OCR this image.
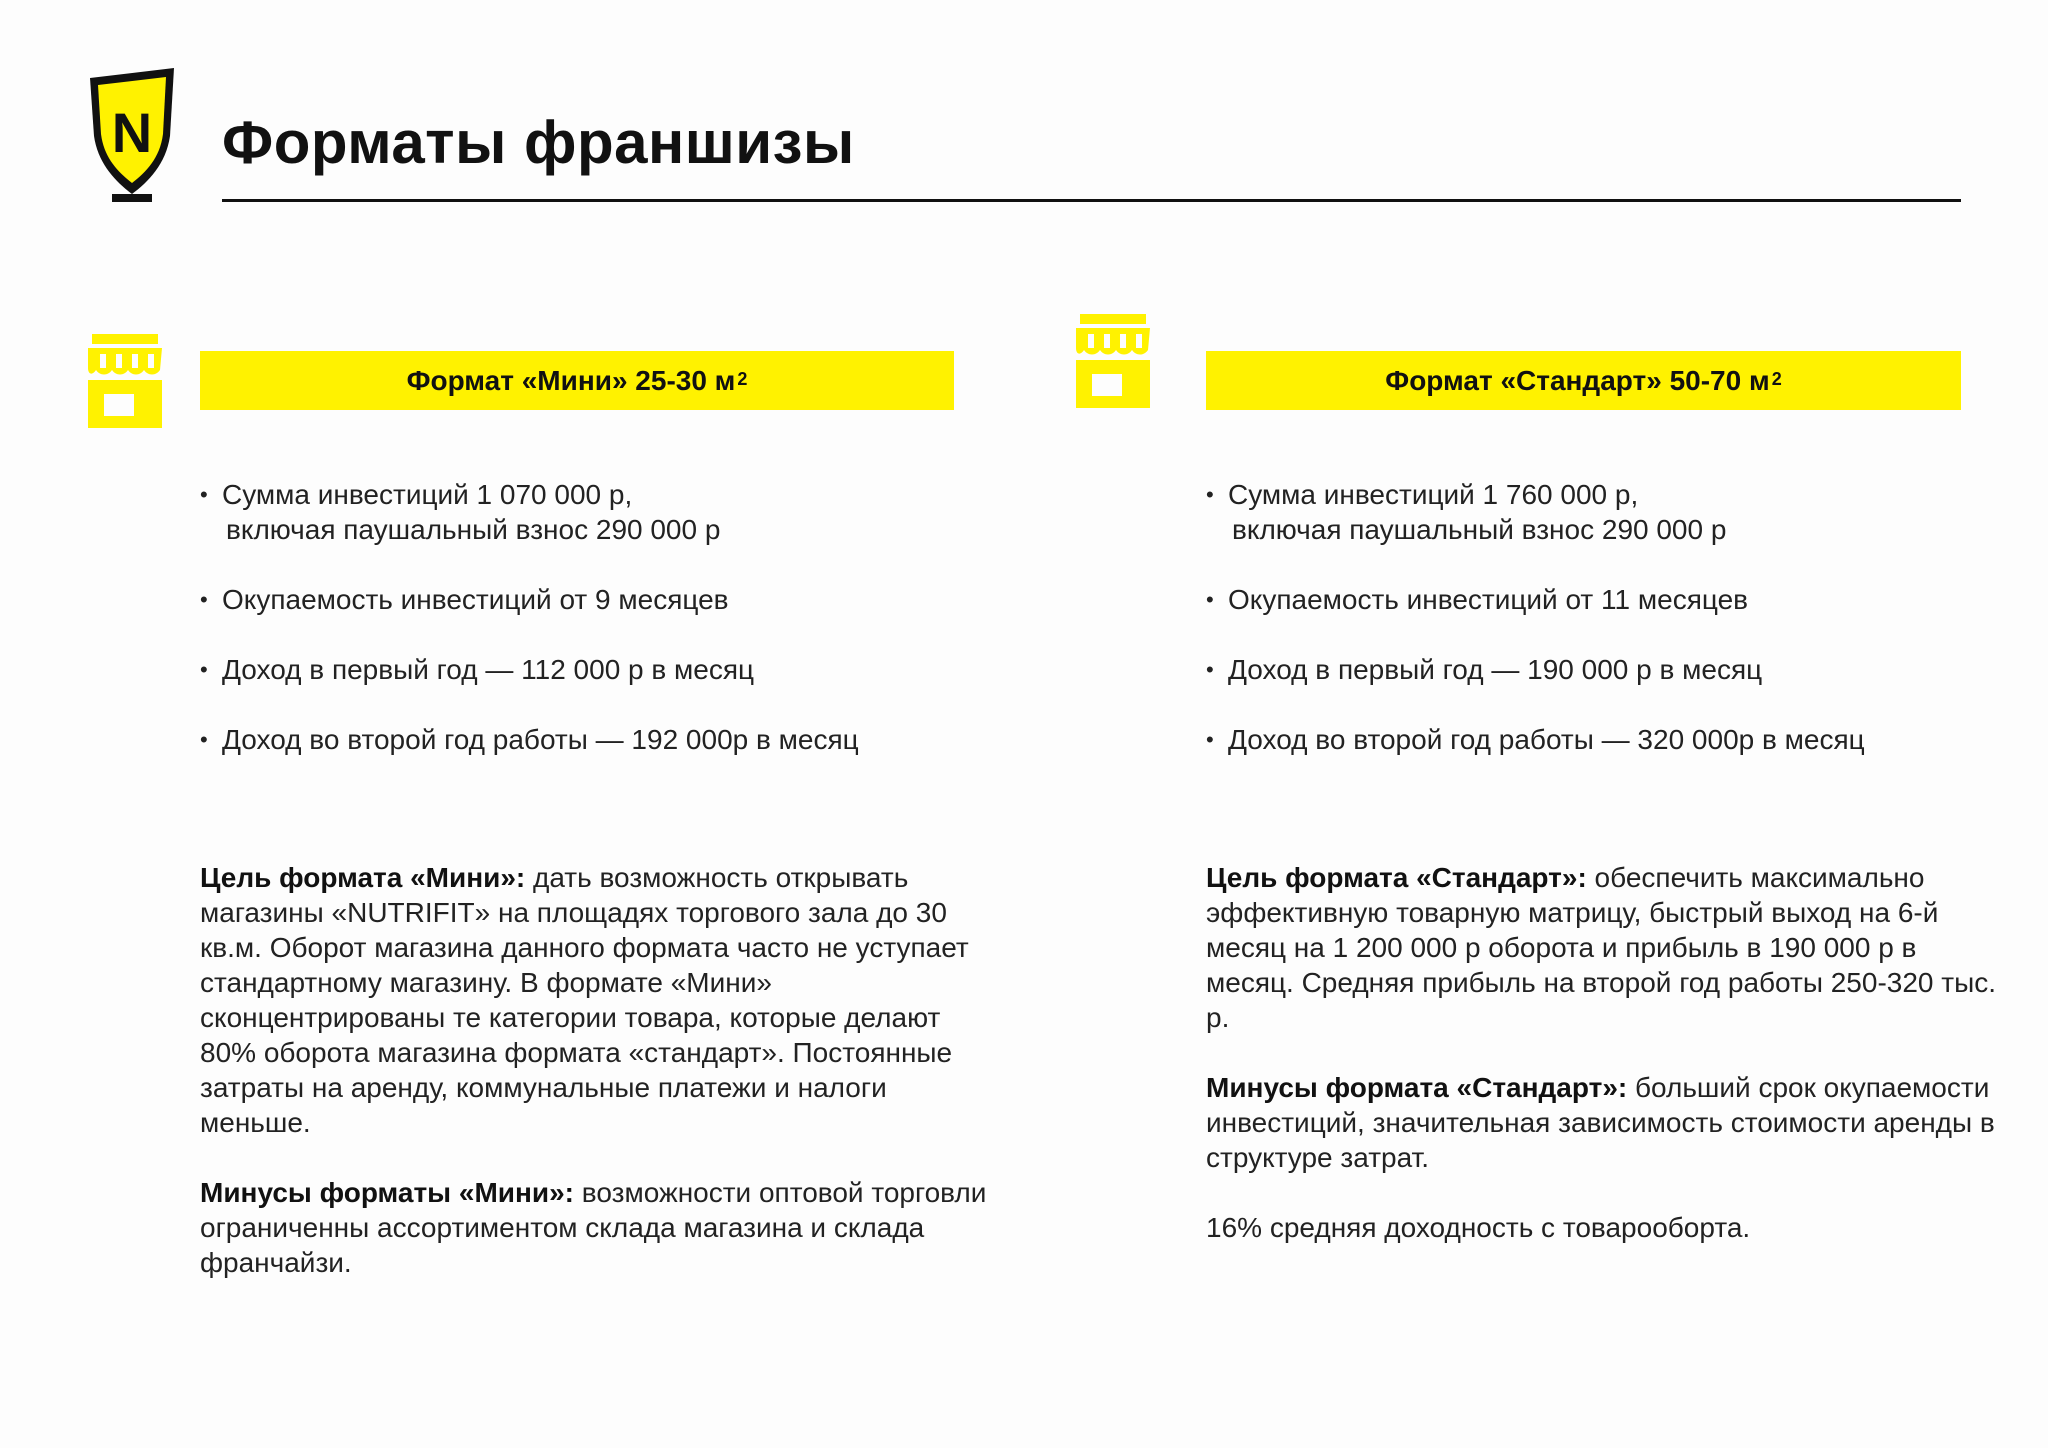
N Форматы франшизы
Формат «Мини» 25-30 $м^2$
• Сумма инвестиций 1 070 000 р,
включая паушальный взнос 290 000 р
• Окупаемость инвестиций от 9 месяцев
• Доход в первый год — 112 000 р в месяц
• Доход во второй год работы — 192 000р в месяц

Цель формата «Мини»: дать возможность открывать магазины «NUTRIFIT» на площадях торгового зала до 30 кв.м. Оборот магазина данного формата часто не уступает стандартному магазину. В формате «Мини» сконцентрированы те категории товара, которые делают 80% оборота магазина формата «стандарт». Постоянные затраты на аренду, коммунальные платежи и налоги меньше.

Минусы форматы «Мини»: возможности оптовой торговли ограниченны ассортиментом склада магазина и склада франчайзи.

Формат «Стандарт» 50-70 $м^2$
• Сумма инвестиций 1 760 000 р,
включая паушальный взнос 290 000 р
• Окупаемость инвестиций от 11 месяцев
• Доход в первый год — 190 000 р в месяц
• Доход во второй год работы — 320 000р в месяц

Цель формата «Стандарт»: обеспечить максимально эффективную товарную матрицу, быстрый выход на 6-й месяц на 1 200 000 р оборота и прибыль в 190 000 р в месяц. Средняя прибыль на второй год работы 250-320 тыс. р.

Минусы формата «Стандарт»: больший срок окупаемости инвестиций, значительная зависимость стоимости аренды в структуре затрат.

16% средняя доходность с товарооборта.
